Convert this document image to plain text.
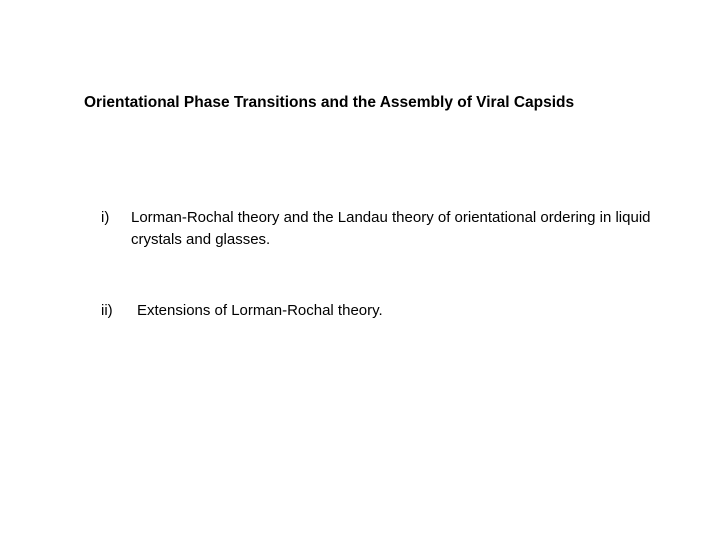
Orientational Phase Transitions and the Assembly of Viral Capsids
i)	Lorman-Rochal theory and the Landau theory of orientational ordering in liquid crystals and glasses.
ii)	Extensions of Lorman-Rochal theory.
